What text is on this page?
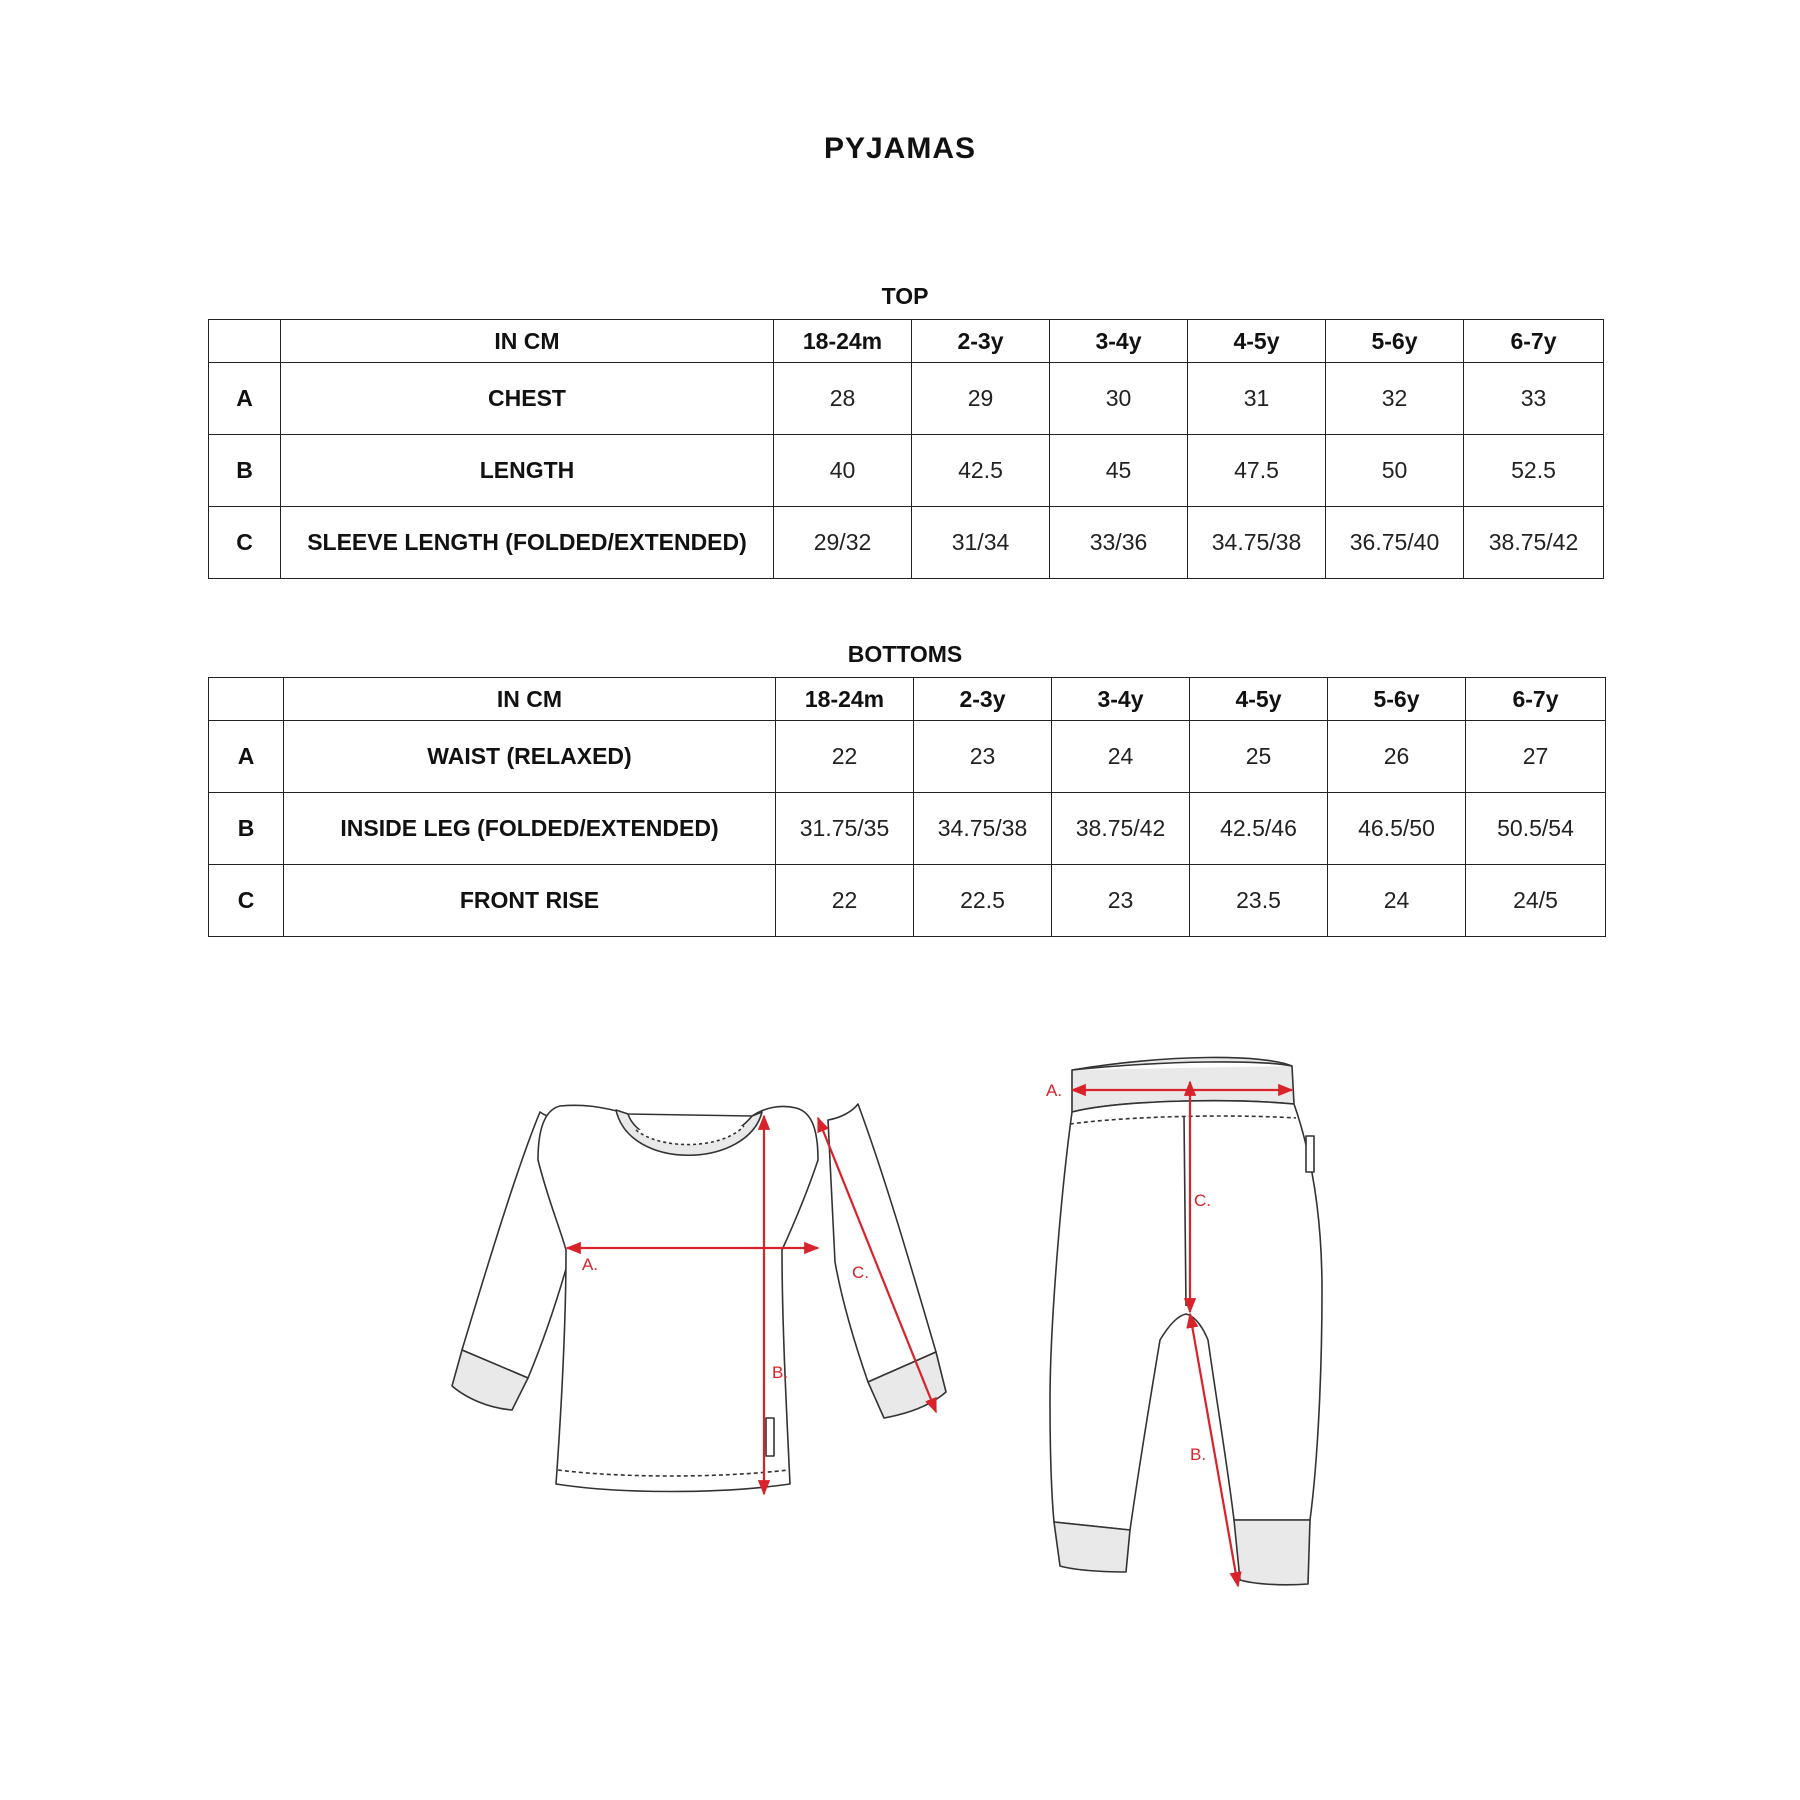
PYJAMAS
TOP
	IN CM	18-24m	2-3y	3-4y	4-5y	5-6y	6-7y
A	CHEST	28	29	30	31	32	33
B	LENGTH	40	42.5	45	47.5	50	52.5
C	SLEEVE LENGTH (FOLDED/EXTENDED)	29/32	31/34	33/36	34.75/38	36.75/40	38.75/42
BOTTOMS
	IN CM	18-24m	2-3y	3-4y	4-5y	5-6y	6-7y
A	WAIST (RELAXED)	22	23	24	25	26	27
B	INSIDE LEG (FOLDED/EXTENDED)	31.75/35	34.75/38	38.75/42	42.5/46	46.5/50	50.5/54
C	FRONT RISE	22	22.5	23	23.5	24	24/5
A.
B.
C.
A.
B.
C.
